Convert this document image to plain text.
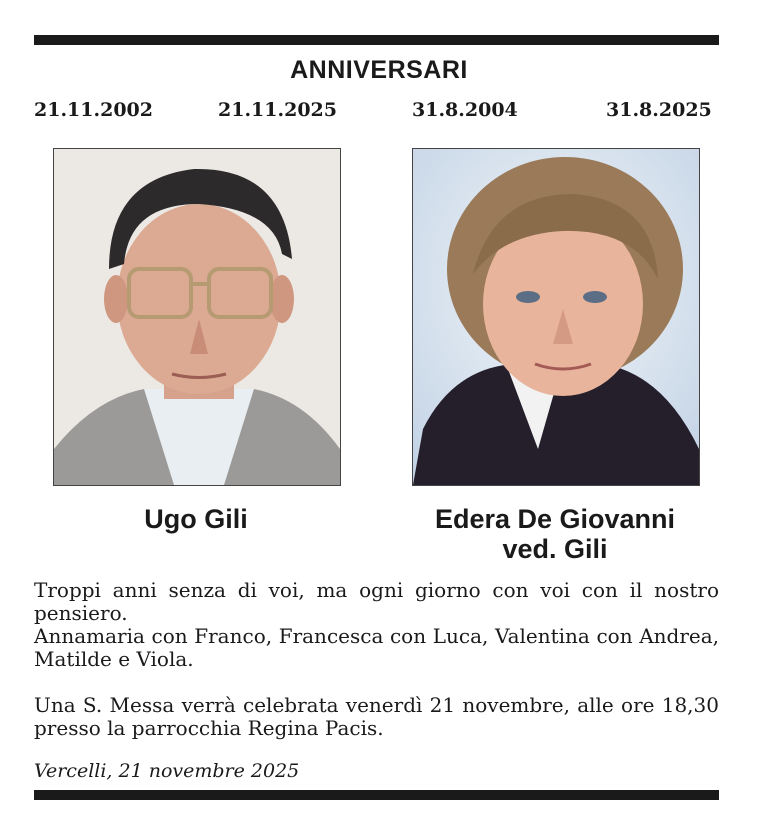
ANNIVERSARI
21.11.2002	21.11.2025	31.8.2004	31.8.2025
Ugo Gili	Edera De Giovanni
ved. Gili

Troppi anni senza di voi, ma ogni giorno con voi con il nostro pensiero.

Annamaria con Franco, Francesca con Luca, Valentina con Andrea, Matilde e Viola.

Una S. Messa verrà celebrata venerdì 21 novembre, alle ore 18,30 presso la parrocchia Regina Pacis.

Vercelli, 21 novembre 2025
